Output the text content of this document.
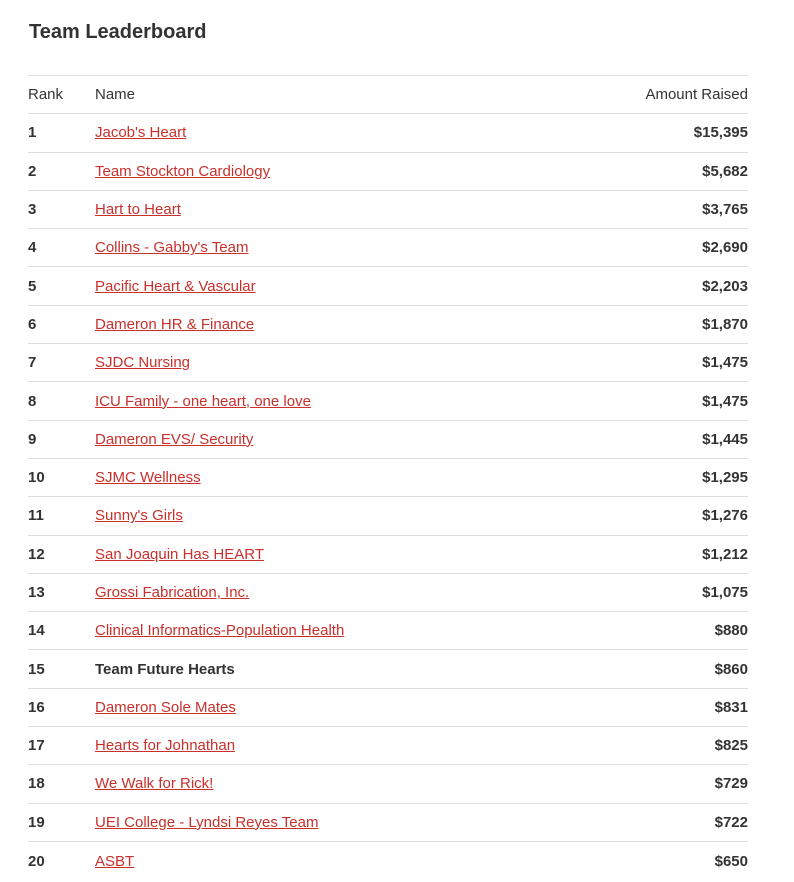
Team Leaderboard
Rank	Name	Amount Raised
1	Jacob's Heart	$15,395
2	Team Stockton Cardiology	$5,682
3	Hart to Heart	$3,765
4	Collins - Gabby's Team	$2,690
5	Pacific Heart & Vascular	$2,203
6	Dameron HR & Finance	$1,870
7	SJDC Nursing	$1,475
8	ICU Family - one heart, one love	$1,475
9	Dameron EVS/ Security	$1,445
10	SJMC Wellness	$1,295
11	Sunny's Girls	$1,276
12	San Joaquin Has HEART	$1,212
13	Grossi Fabrication, Inc.	$1,075
14	Clinical Informatics-Population Health	$880
15	Team Future Hearts	$860
16	Dameron Sole Mates	$831
17	Hearts for Johnathan	$825
18	We Walk for Rick!	$729
19	UEI College - Lyndsi Reyes Team	$722
20	ASBT	$650
